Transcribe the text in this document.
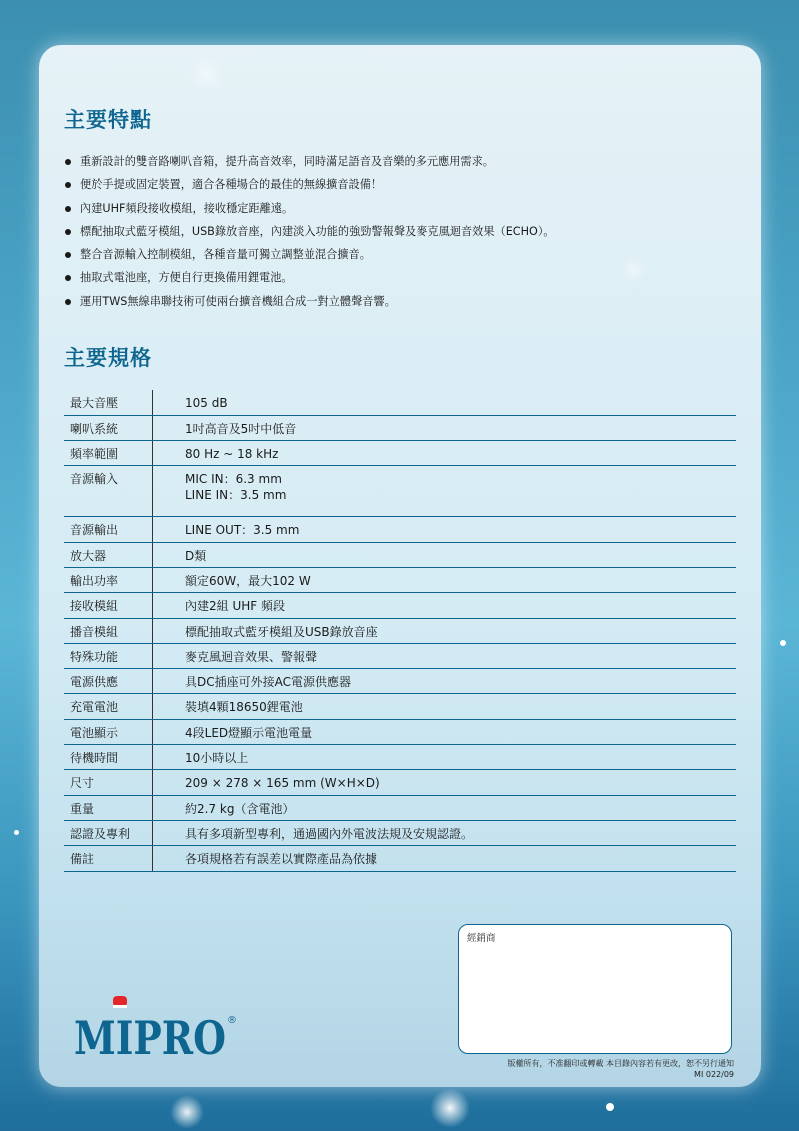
主要特點
重新設計的雙音路喇叭音箱，提升高音效率，同時滿足語音及音樂的多元應用需求。
便於手提或固定裝置，適合各種場合的最佳的無線擴音設備！
內建UHF頻段接收模組，接收穩定距離遠。
標配抽取式藍牙模組，USB錄放音座，內建淡入功能的強勁警報聲及麥克風迴音效果（ECHO）。
整合音源輸入控制模組，各種音量可獨立調整並混合擴音。
抽取式電池座，方便自行更換備用鋰電池。
運用TWS無線串聯技術可使兩台擴音機組合成一對立體聲音響。
主要規格
最大音壓	105 dB
喇叭系統	1吋高音及5吋中低音
頻率範圍	80 Hz ~ 18 kHz
音源輸入	MIC IN：6.3 mm
LINE IN：3.5 mm

音源輸出	LINE OUT：3.5 mm
放大器	D類
輸出功率	額定60W，最大102 W
接收模組	內建2組 UHF 頻段
播音模組	標配抽取式藍牙模組及USB錄放音座
特殊功能	麥克風迴音效果、警報聲
電源供應	具DC插座可外接AC電源供應器
充電電池	裝填4顆18650鋰電池
電池顯示	4段LED燈顯示電池電量
待機時間	10小時以上
尺寸	209 × 278 × 165 mm (W×H×D)
重量	約2.7 kg（含電池）
認證及專利	具有多項新型專利，通過國內外電波法規及安規認證。
備註	各項規格若有誤差以實際產品為依據
MIPRO ®
經銷商
版權所有，不准翻印或轉載 本目錄內容若有更改，恕不另行通知
MI 022/09
